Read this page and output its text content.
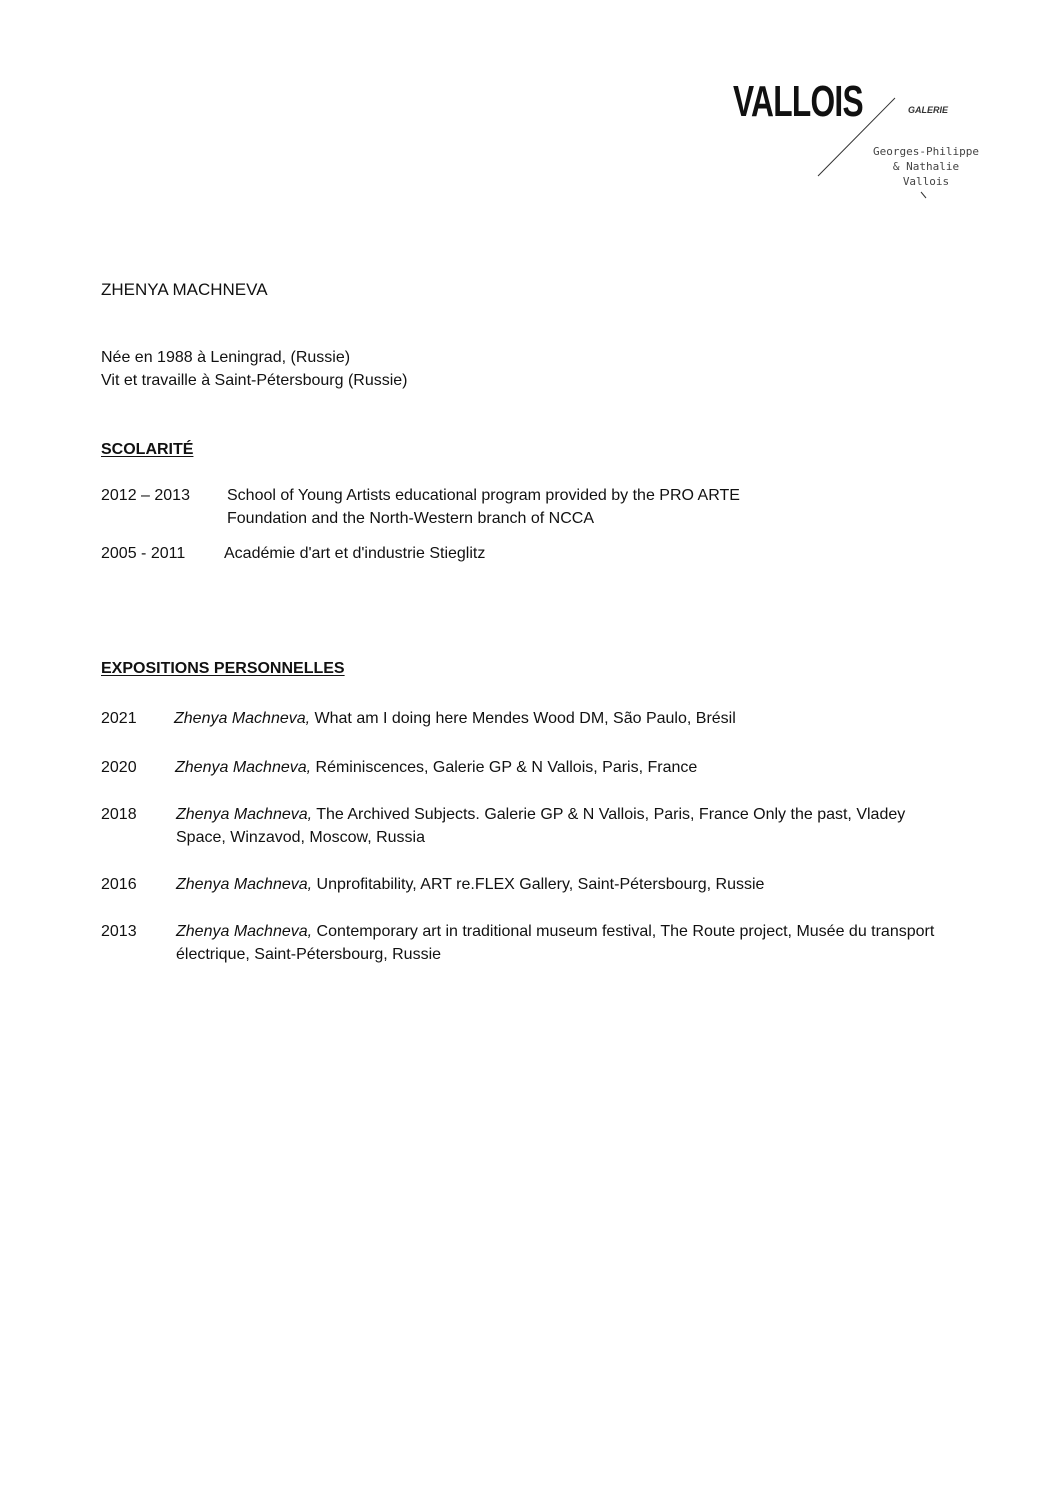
VALLOIS	GALERIE
Georges-Philippe
& Nathalie
Vallois
ZHENYA MACHNEVA
Née en 1988 à Leningrad, (Russie)
Vit et travaille à Saint-Pétersbourg (Russie)
SCOLARITÉ
2012 – 2013 School of Young Artists educational program provided by the PRO ARTE
Foundation and the North-Western branch of NCCA
2005 - 2011 Académie d'art et d'industrie Stieglitz
EXPOSITIONS PERSONNELLES
2021 Zhenya Machneva, What am I doing here Mendes Wood DM, São Paulo, Brésil
2020 Zhenya Machneva, Réminiscences, Galerie GP & N Vallois, Paris, France
2018 Zhenya Machneva, The Archived Subjects. Galerie GP & N Vallois, Paris, France Only the past, Vladey Space, Winzavod, Moscow, Russia
2016 Zhenya Machneva, Unprofitability, ART re.FLEX Gallery, Saint-Pétersbourg, Russie
2013 Zhenya Machneva, Contemporary art in traditional museum festival, The Route project, Musée du transport électrique, Saint-Pétersbourg, Russie
